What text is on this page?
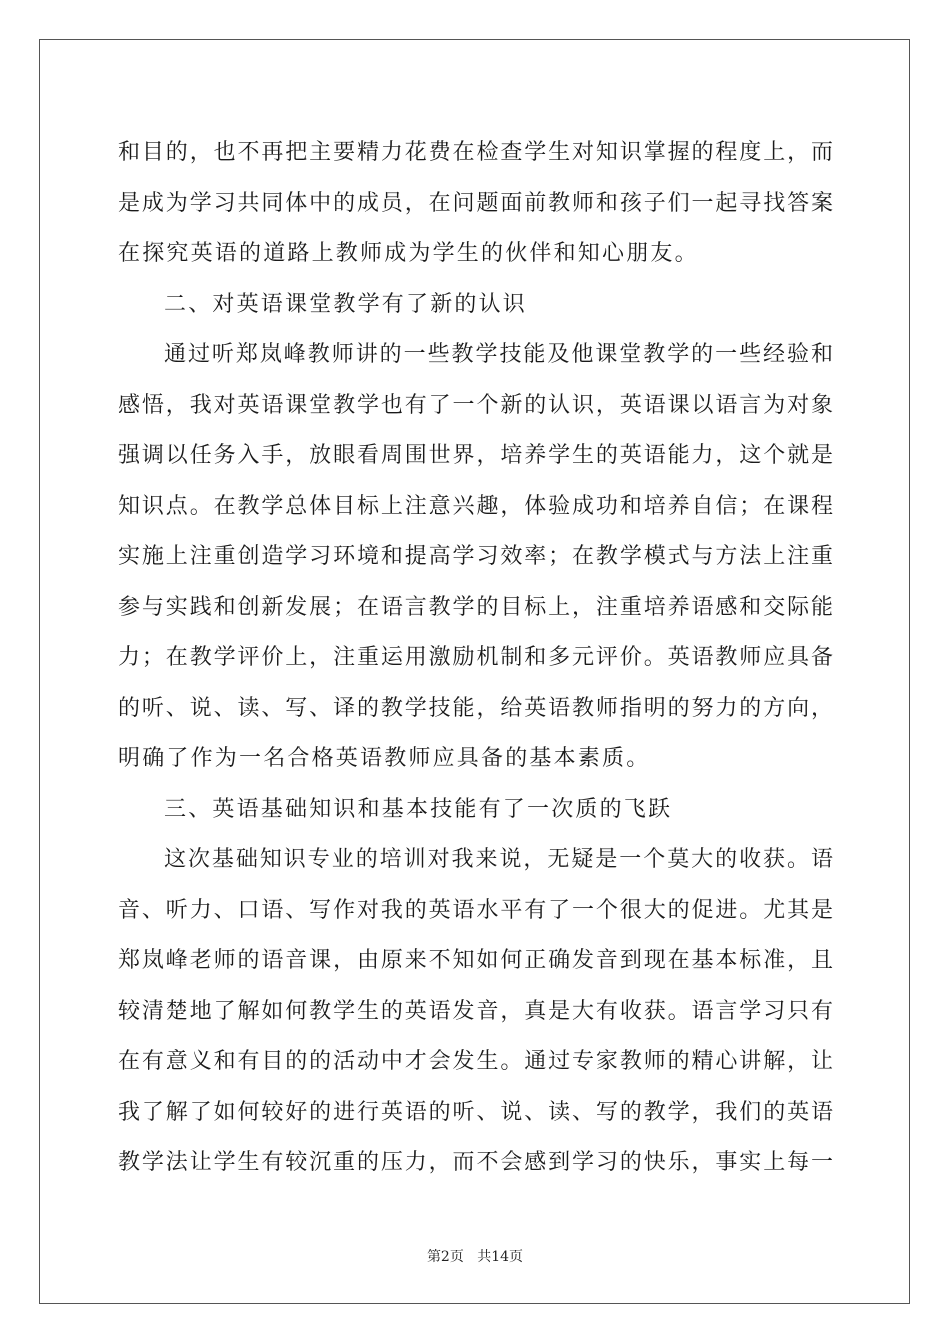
和目的，也不再把主要精力花费在检查学生对知识掌握的程度上，而
是成为学习共同体中的成员，在问题面前教师和孩子们一起寻找答案
在探究英语的道路上教师成为学生的伙伴和知心朋友。
二、对英语课堂教学有了新的认识
通过听郑岚峰教师讲的一些教学技能及他课堂教学的一些经验和
感悟，我对英语课堂教学也有了一个新的认识，英语课以语言为对象
强调以任务入手，放眼看周围世界，培养学生的英语能力，这个就是
知识点。在教学总体目标上注意兴趣，体验成功和培养自信；在课程
实施上注重创造学习环境和提高学习效率；在教学模式与方法上注重
参与实践和创新发展；在语言教学的目标上，注重培养语感和交际能
力；在教学评价上，注重运用激励机制和多元评价。英语教师应具备
的听、说、读、写、译的教学技能，给英语教师指明的努力的方向，
明确了作为一名合格英语教师应具备的基本素质。
三、英语基础知识和基本技能有了一次质的飞跃
这次基础知识专业的培训对我来说，无疑是一个莫大的收获。语
音、听力、口语、写作对我的英语水平有了一个很大的促进。尤其是
郑岚峰老师的语音课，由原来不知如何正确发音到现在基本标准，且
较清楚地了解如何教学生的英语发音，真是大有收获。语言学习只有
在有意义和有目的的活动中才会发生。通过专家教师的精心讲解，让
我了解了如何较好的进行英语的听、说、读、写的教学，我们的英语
教学法让学生有较沉重的压力，而不会感到学习的快乐，事实上每一
第2页 共14页
